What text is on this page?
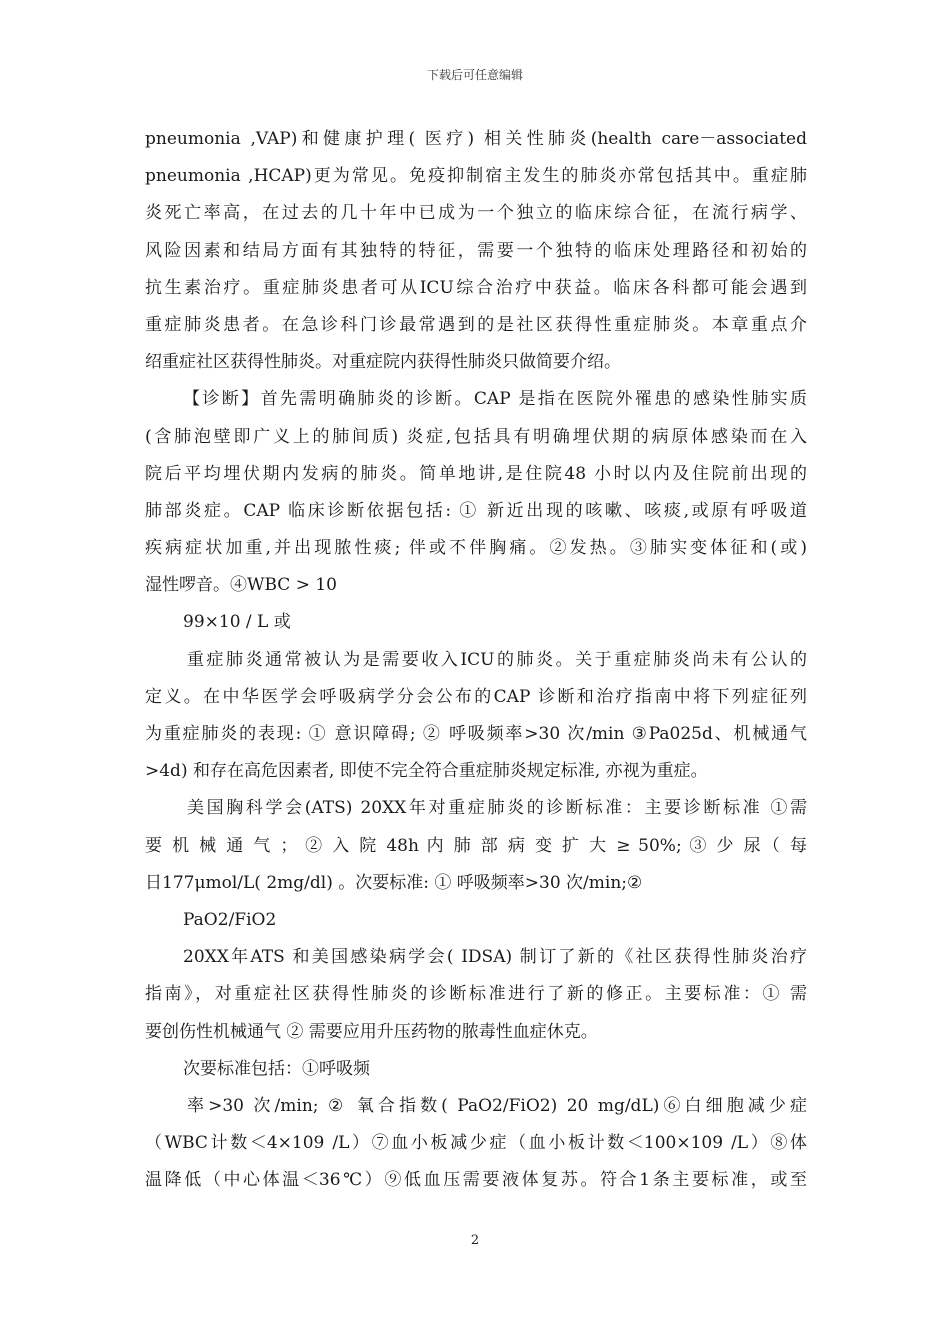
下载后可任意编辑
pneumonia ,VAP)和健康护理( 医疗) 相关性肺炎(health care－associated
pneumonia ,HCAP)更为常见。免疫抑制宿主发生的肺炎亦常包括其中。重症肺
炎死亡率高，在过去的几十年中已成为一个独立的临床综合征，在流行病学、
风险因素和结局方面有其独特的特征，需要一个独特的临床处理路径和初始的
抗生素治疗。重症肺炎患者可从ICU综合治疗中获益。临床各科都可能会遇到
重症肺炎患者。在急诊科门诊最常遇到的是社区获得性重症肺炎。本章重点介
绍重症社区获得性肺炎。对重症院内获得性肺炎只做简要介绍。
【诊断】首先需明确肺炎的诊断。CAP 是指在医院外罹患的感染性肺实质
(含肺泡壁即广义上的肺间质) 炎症,包括具有明确埋伏期的病原体感染而在入
院后平均埋伏期内发病的肺炎。简单地讲,是住院48 小时以内及住院前出现的
肺部炎症。CAP 临床诊断依据包括: ① 新近出现的咳嗽、咳痰,或原有呼吸道
疾病症状加重,并出现脓性痰; 伴或不伴胸痛。②发热。③肺实变体征和(或)
湿性啰音。④WBC > 10
99×10 / L 或
重症肺炎通常被认为是需要收入ICU的肺炎。关于重症肺炎尚未有公认的
定义。在中华医学会呼吸病学分会公布的CAP 诊断和治疗指南中将下列症征列
为重症肺炎的表现: ① 意识障碍; ② 呼吸频率>30 次/min ③Pa025d、机械通气
>4d) 和存在高危因素者, 即使不完全符合重症肺炎规定标准, 亦视为重症。
美国胸科学会(ATS) 20XX年对重症肺炎的诊断标准：主要诊断标准 ①需
要 机 械 通 气 ； ② 入 院 48h 内 肺 部 病 变 扩 大 ≥ 50%; ③ 少 尿（ 每
日177μmol/L( 2mg/dl) 。次要标准: ① 呼吸频率>30 次/min;②
PaO2/FiO2
20XX年ATS 和美国感染病学会( IDSA) 制订了新的《社区获得性肺炎治疗
指南》，对重症社区获得性肺炎的诊断标准进行了新的修正。主要标准：① 需
要创伤性机械通气 ② 需要应用升压药物的脓毒性血症休克。
次要标准包括：①呼吸频
率>30 次/min; ② 氧合指数( PaO2/FiO2) 20 mg/dL)⑥白细胞减少症
（WBC计数＜4×109 /L）⑦血小板减少症（血小板计数＜100×109 /L）⑧体
温降低（中心体温＜36℃）⑨低血压需要液体复苏。符合1条主要标准，或至
2
